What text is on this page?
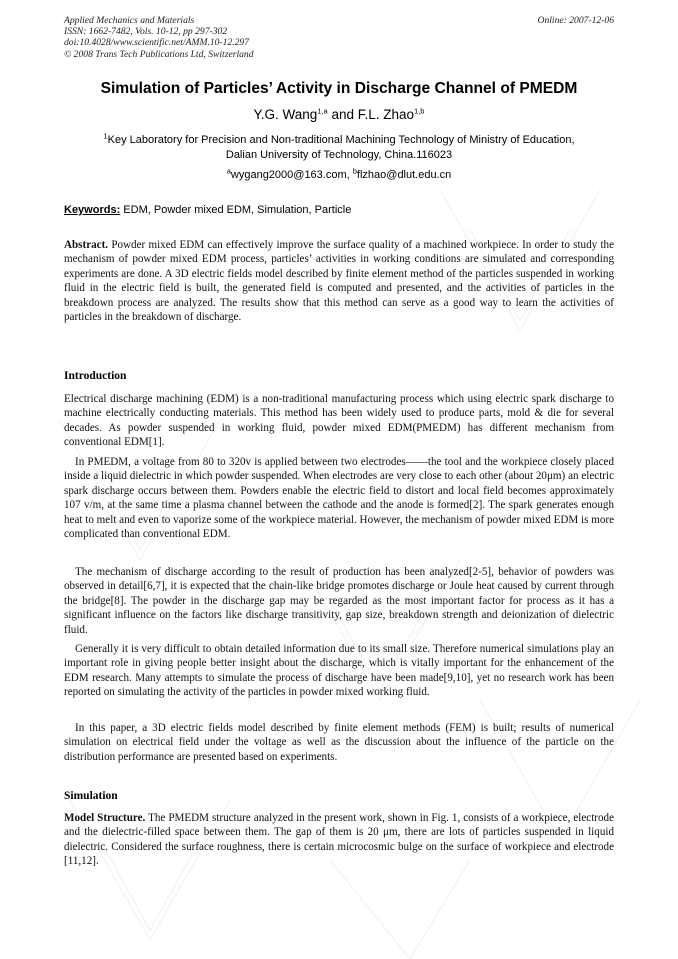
Applied Mechanics and Materials
ISSN: 1662-7482, Vols. 10-12, pp 297-302
doi:10.4028/www.scientific.net/AMM.10-12.297
© 2008 Trans Tech Publications Ltd, Switzerland
Online: 2007-12-06
Simulation of Particles’ Activity in Discharge Channel of PMEDM
Y.G. Wang$^{1,a}$ and F.L. Zhao$^{1,b}$
$^1$Key Laboratory for Precision and Non-traditional Machining Technology of Ministry of Education,
Dalian University of Technology, China.116023
$^a$wygang2000@163.com, $^b$flzhao@dlut.edu.cn
Keywords: EDM, Powder mixed EDM, Simulation, Particle

Abstract. Powder mixed EDM can effectively improve the surface quality of a machined workpiece. In order to study the mechanism of powder mixed EDM process, particles’ activities in working conditions are simulated and corresponding experiments are done. A 3D electric fields model described by finite element method of the particles suspended in working fluid in the electric field is built, the generated field is computed and presented, and the activities of particles in the breakdown process are analyzed. The results show that this method can serve as a good way to learn the activities of particles in the breakdown of discharge.

Introduction

Electrical discharge machining (EDM) is a non-traditional manufacturing process which using electric spark discharge to machine electrically conducting materials. This method has been widely used to produce parts, mold & die for several decades. As powder suspended in working fluid, powder mixed EDM(PMEDM) has different mechanism from conventional EDM[1].

In PMEDM, a voltage from 80 to 320v is applied between two electrodes——the tool and the workpiece closely placed inside a liquid dielectric in which powder suspended. When electrodes are very close to each other (about 20μm) an electric spark discharge occurs between them. Powders enable the electric field to distort and local field becomes approximately 107 v/m, at the same time a plasma channel between the cathode and the anode is formed[2]. The spark generates enough heat to melt and even to vaporize some of the workpiece material. However, the mechanism of powder mixed EDM is more complicated than conventional EDM.

The mechanism of discharge according to the result of production has been analyzed[2-5], behavior of powders was observed in detail[6,7], it is expected that the chain-like bridge promotes discharge or Joule heat caused by current through the bridge[8]. The powder in the discharge gap may be regarded as the most important factor for process as it has a significant influence on the factors like discharge transitivity, gap size, breakdown strength and deionization of dielectric fluid.

Generally it is very difficult to obtain detailed information due to its small size. Therefore numerical simulations play an important role in giving people better insight about the discharge, which is vitally important for the enhancement of the EDM research. Many attempts to simulate the process of discharge have been made[9,10], yet no research work has been reported on simulating the activity of the particles in powder mixed working fluid.

In this paper, a 3D electric fields model described by finite element methods (FEM) is built; results of numerical simulation on electrical field under the voltage as well as the discussion about the influence of the particle on the distribution performance are presented based on experiments.

Simulation

Model Structure. The PMEDM structure analyzed in the present work, shown in Fig. 1, consists of a workpiece, electrode and the dielectric-filled space between them. The gap of them is 20 μm, there are lots of particles suspended in liquid dielectric. Considered the surface roughness, there is certain microcosmic bulge on the surface of workpiece and electrode [11,12].
